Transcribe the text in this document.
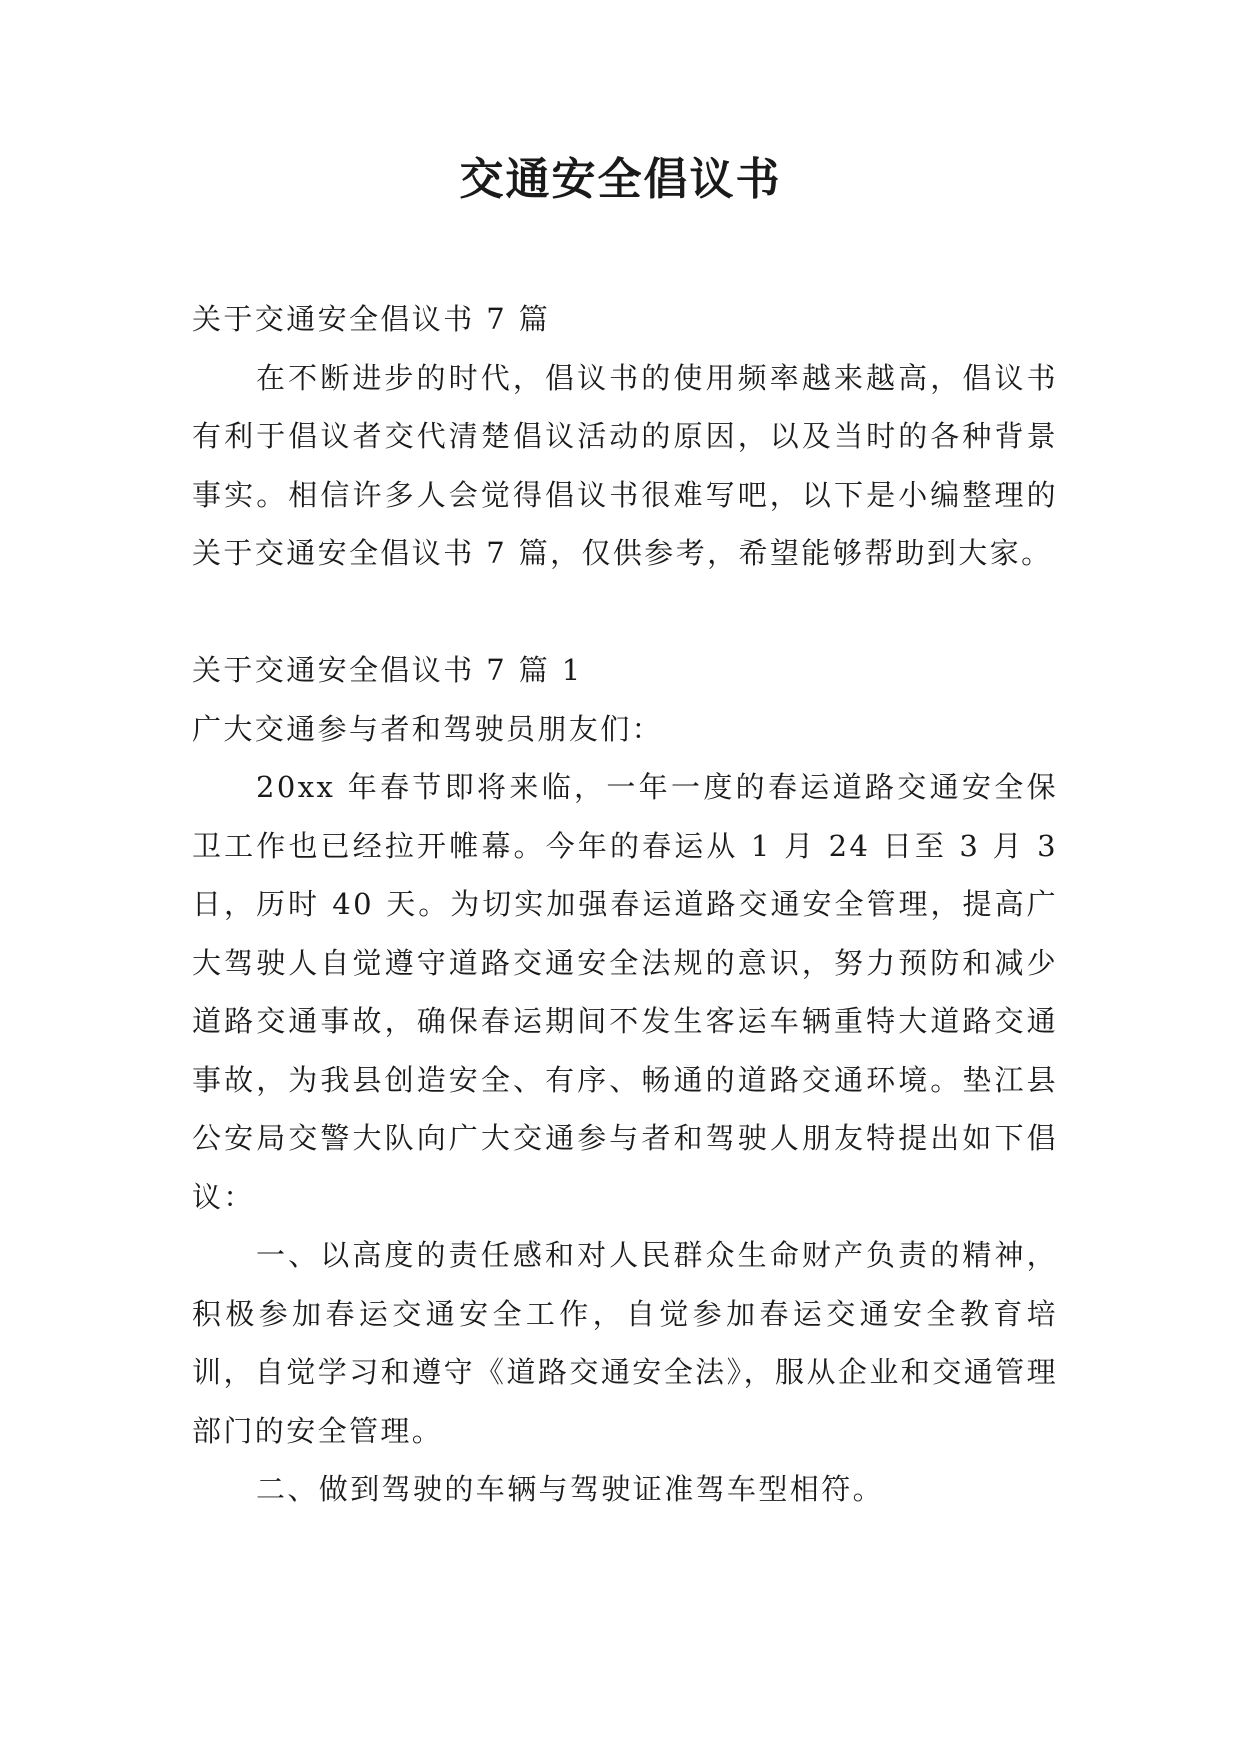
交通安全倡议书

关于交通安全倡议书 7 篇

在不断进步的时代，倡议书的使用频率越来越高，倡议书有利于倡议者交代清楚倡议活动的原因，以及当时的各种背景事实。相信许多人会觉得倡议书很难写吧，以下是小编整理的关于交通安全倡议书 7 篇，仅供参考，希望能够帮助到大家。

关于交通安全倡议书 7 篇 1

广大交通参与者和驾驶员朋友们：

20xx 年春节即将来临，一年一度的春运道路交通安全保卫工作也已经拉开帷幕。今年的春运从 1 月 24 日至 3 月 3 日，历时 40 天。为切实加强春运道路交通安全管理，提高广大驾驶人自觉遵守道路交通安全法规的意识，努力预防和减少道路交通事故，确保春运期间不发生客运车辆重特大道路交通事故，为我县创造安全、有序、畅通的道路交通环境。垫江县公安局交警大队向广大交通参与者和驾驶人朋友特提出如下倡议：

一、以高度的责任感和对人民群众生命财产负责的精神，积极参加春运交通安全工作，自觉参加春运交通安全教育培训，自觉学习和遵守《道路交通安全法》，服从企业和交通管理部门的安全管理。

二、做到驾驶的车辆与驾驶证准驾车型相符。
